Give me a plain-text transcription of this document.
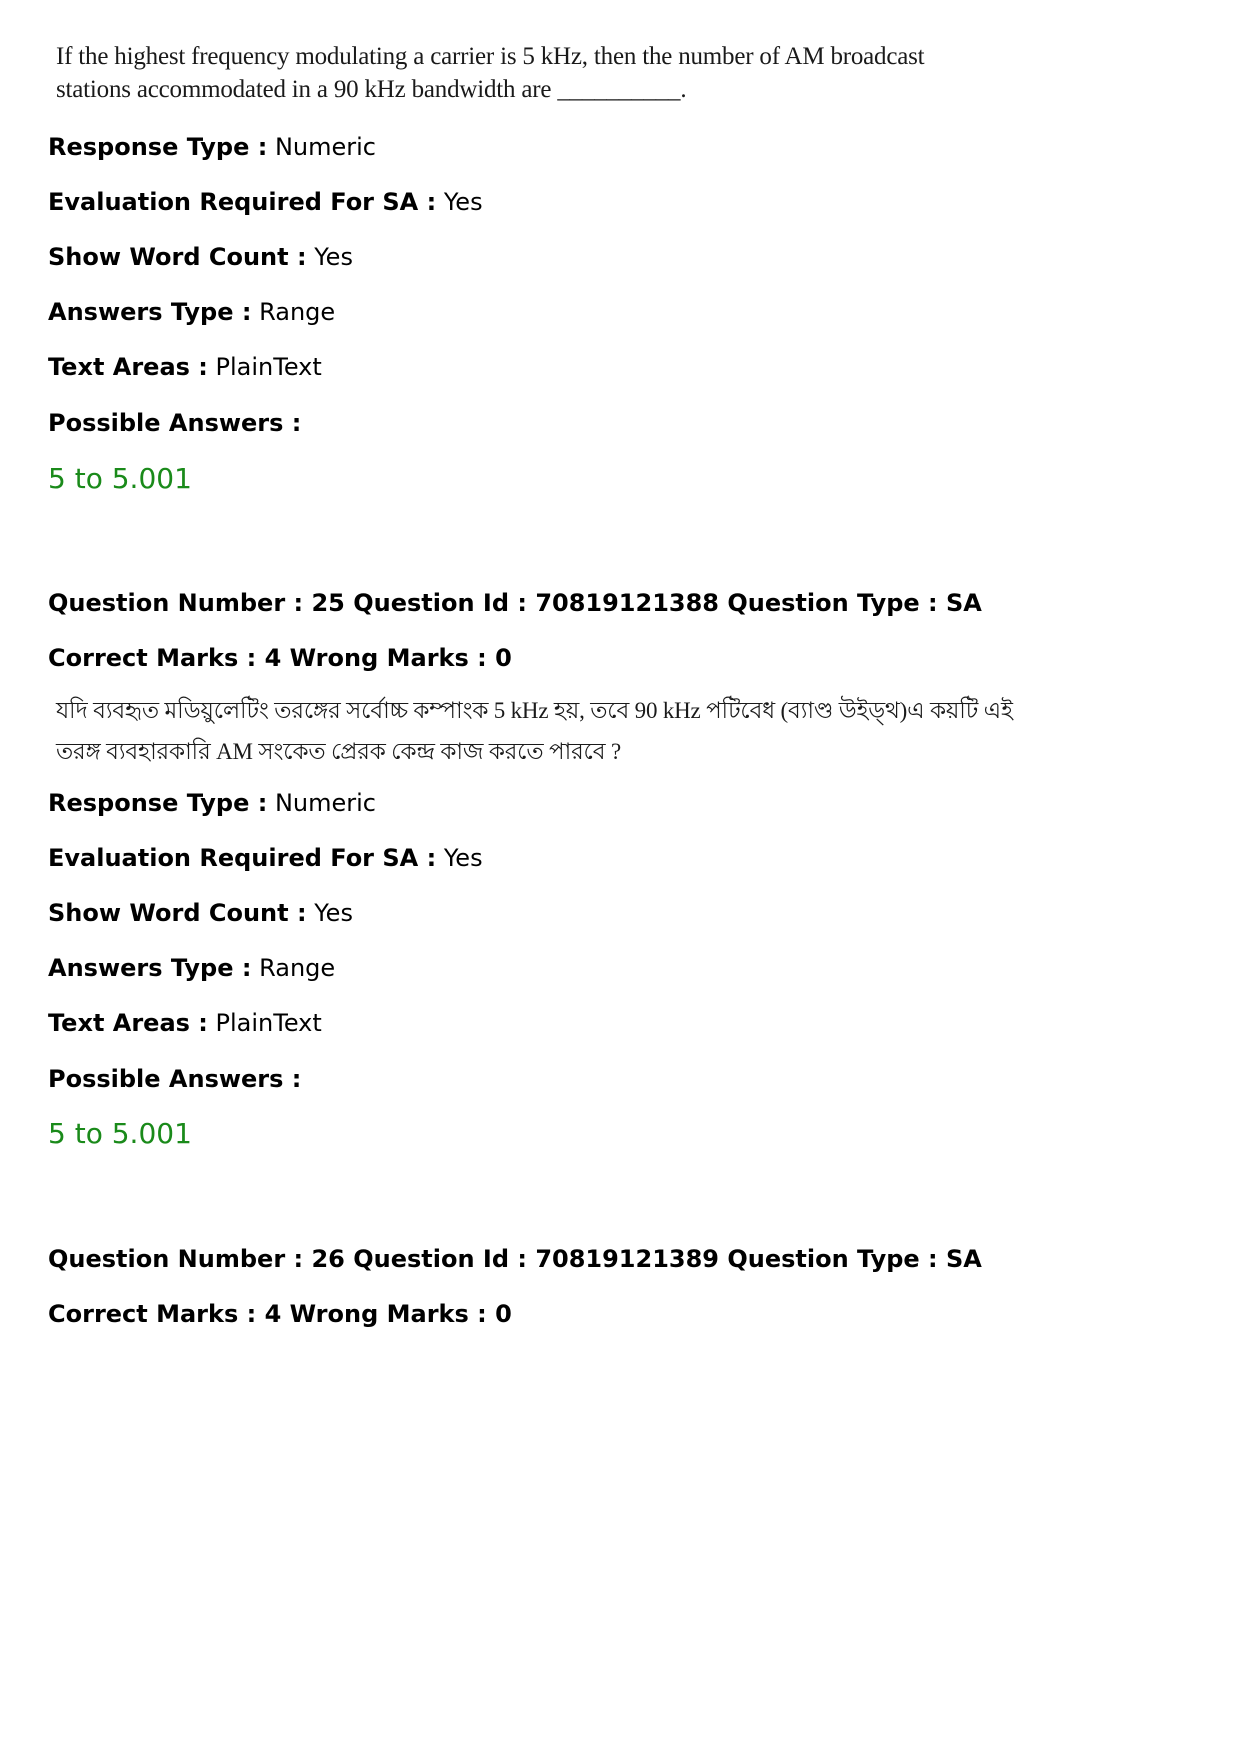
If the highest frequency modulating a carrier is 5 kHz, then the number of AM broadcast
stations accommodated in a 90 kHz bandwidth are __________.
Response Type : Numeric
Evaluation Required For SA : Yes
Show Word Count : Yes
Answers Type : Range
Text Areas : PlainText
Possible Answers :
5 to 5.001
Question Number : 25 Question Id : 70819121388 Question Type : SA
Correct Marks : 4 Wrong Marks : 0
যদি ব্যবহৃত মডিয়ুলেটিং তরঙ্গের সর্বোচ্চ কম্পাংক 5 kHz হয়, তবে 90 kHz পটিবেধ (ব্যাণ্ড উইড্থ)এ কয়টি এই
তরঙ্গ ব্যবহারকারি AM সংকেত প্রেরক কেন্দ্র কাজ করতে পারবে ?
Response Type : Numeric
Evaluation Required For SA : Yes
Show Word Count : Yes
Answers Type : Range
Text Areas : PlainText
Possible Answers :
5 to 5.001
Question Number : 26 Question Id : 70819121389 Question Type : SA
Correct Marks : 4 Wrong Marks : 0
